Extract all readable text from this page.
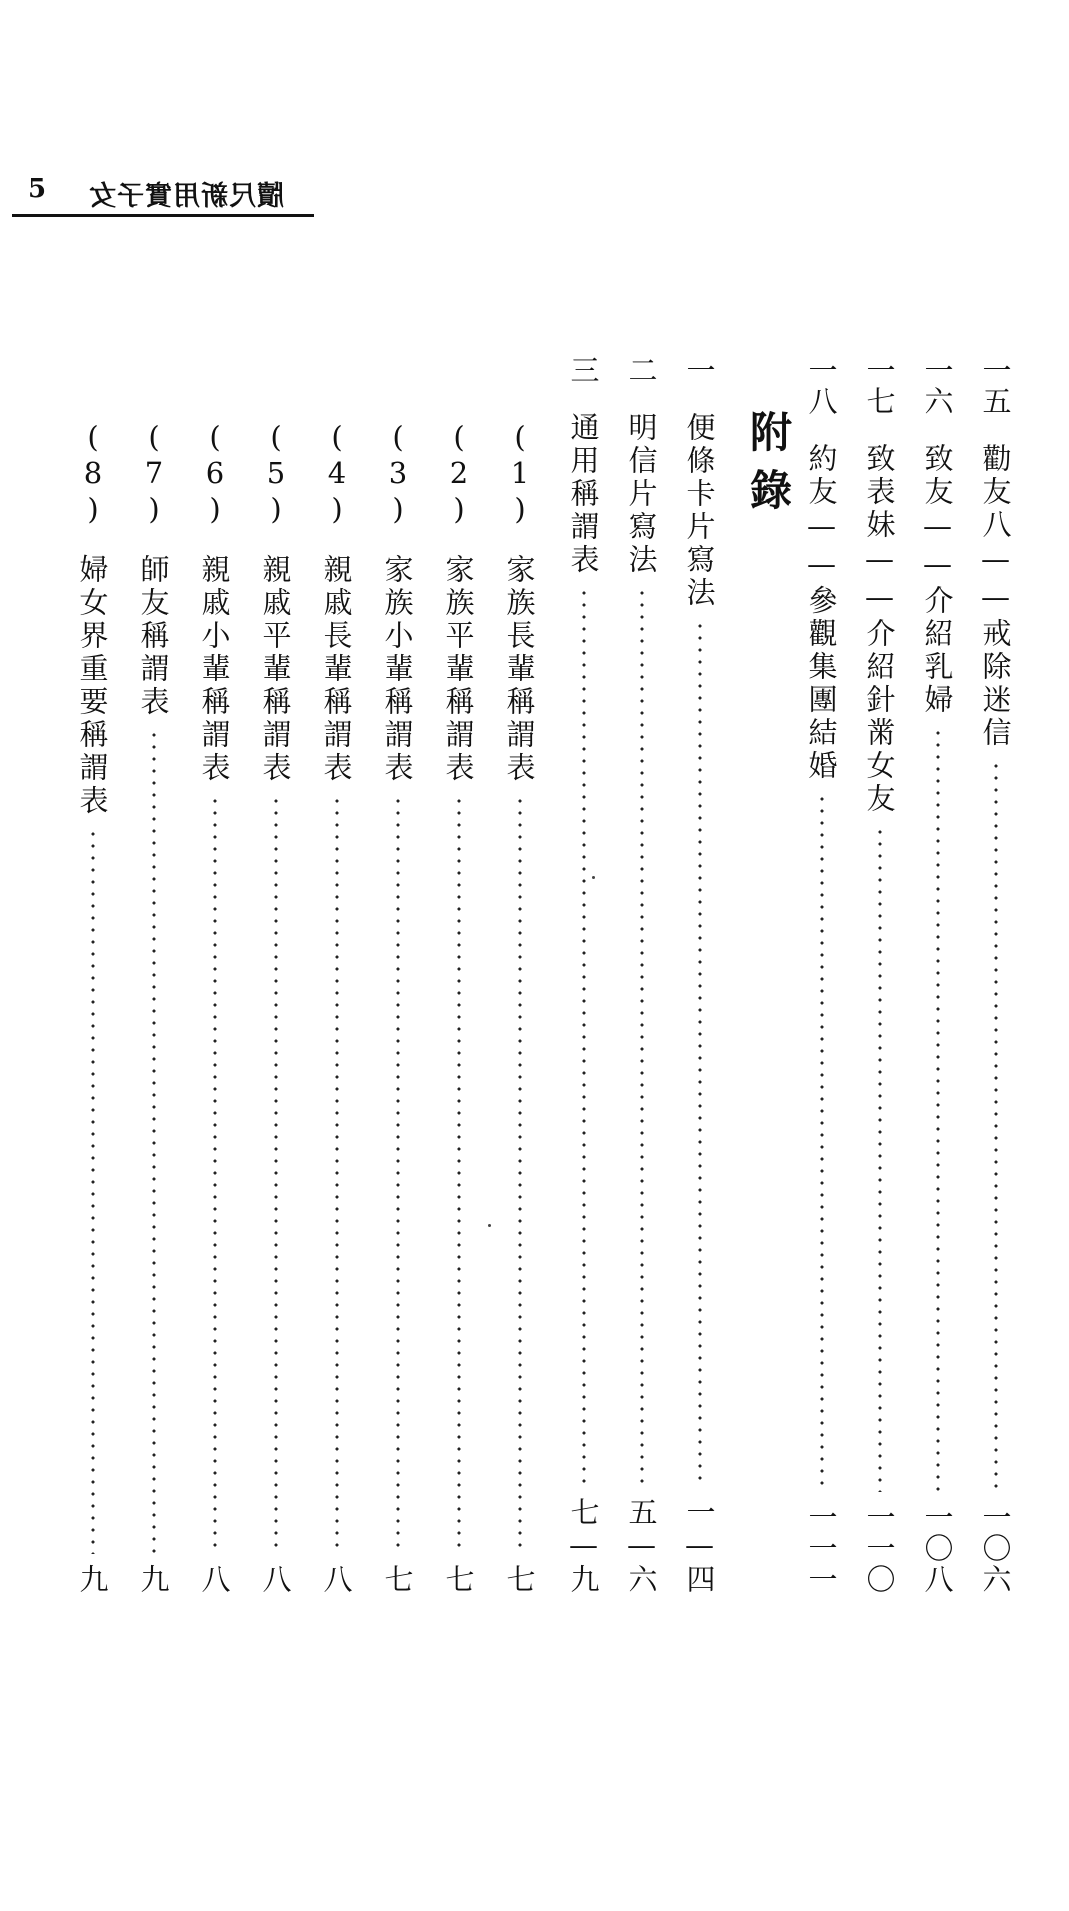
5 女子實用新尺牘
一五
勸友八——戒除迷信
一〇六
一六
致友——介紹乳婦
一〇八
一七
致表妹——介紹針黹女友
一一〇
一八
約友——參觀集團結婚
一一一
附錄
一
便條卡片寫法
一—四
二
明信片寫法
五—六
三
通用稱謂表
七—九
(1)
家族長輩稱謂表
七
(2)
家族平輩稱謂表
七
(3)
家族小輩稱謂表
七
(4)
親戚長輩稱謂表
八
(5)
親戚平輩稱謂表
八
(6)
親戚小輩稱謂表
八
(7)
師友稱謂表
九
(8)
婦女界重要稱謂表
九
